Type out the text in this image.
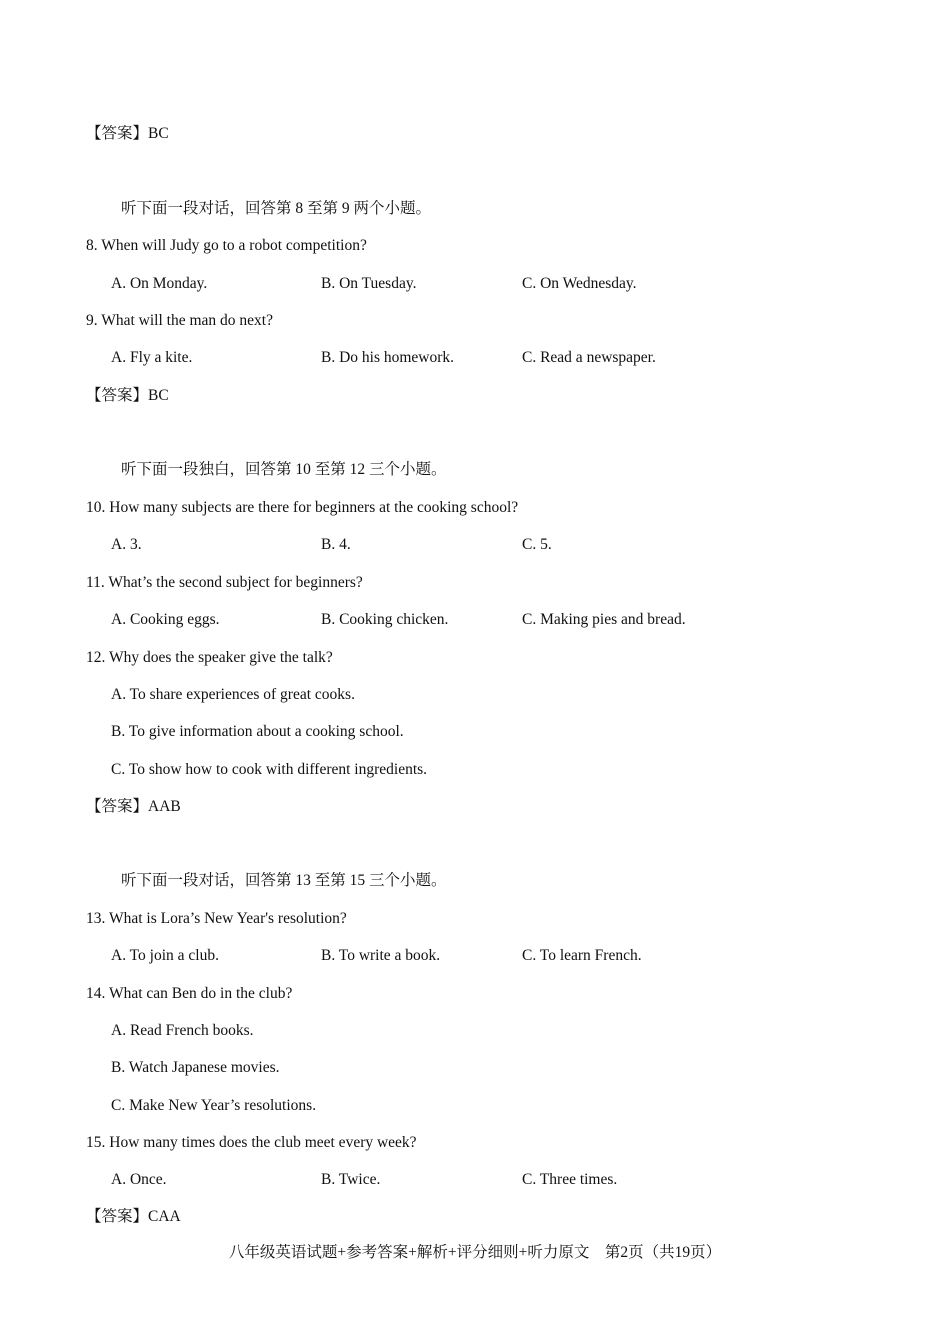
【答案】BC
听下面一段对话，回答第 8 至第 9 两个小题。
8. When will Judy go to a robot competition?
A. On Monday.	B. On Tuesday.	C. On Wednesday.
9. What will the man do next?
A. Fly a kite.	B. Do his homework.	C. Read a newspaper.
【答案】BC
听下面一段独白，回答第 10 至第 12 三个小题。
10. How many subjects are there for beginners at the cooking school?
A. 3.	B. 4.	C. 5.
11. What’s the second subject for beginners?
A. Cooking eggs.	B. Cooking chicken.	C. Making pies and bread.
12. Why does the speaker give the talk?
A. To share experiences of great cooks.
B. To give information about a cooking school.
C. To show how to cook with different ingredients.
【答案】AAB
听下面一段对话，回答第 13 至第 15 三个小题。
13. What is Lora’s New Year's resolution?
A. To join a club.	B. To write a book.	C. To learn French.
14. What can Ben do in the club?
A. Read French books.
B. Watch Japanese movies.
C. Make New Year’s resolutions.
15. How many times does the club meet every week?
A. Once.	B. Twice.	C. Three times.
【答案】CAA
八年级英语试题+参考答案+解析+评分细则+听力原文    第2页（共19页）
